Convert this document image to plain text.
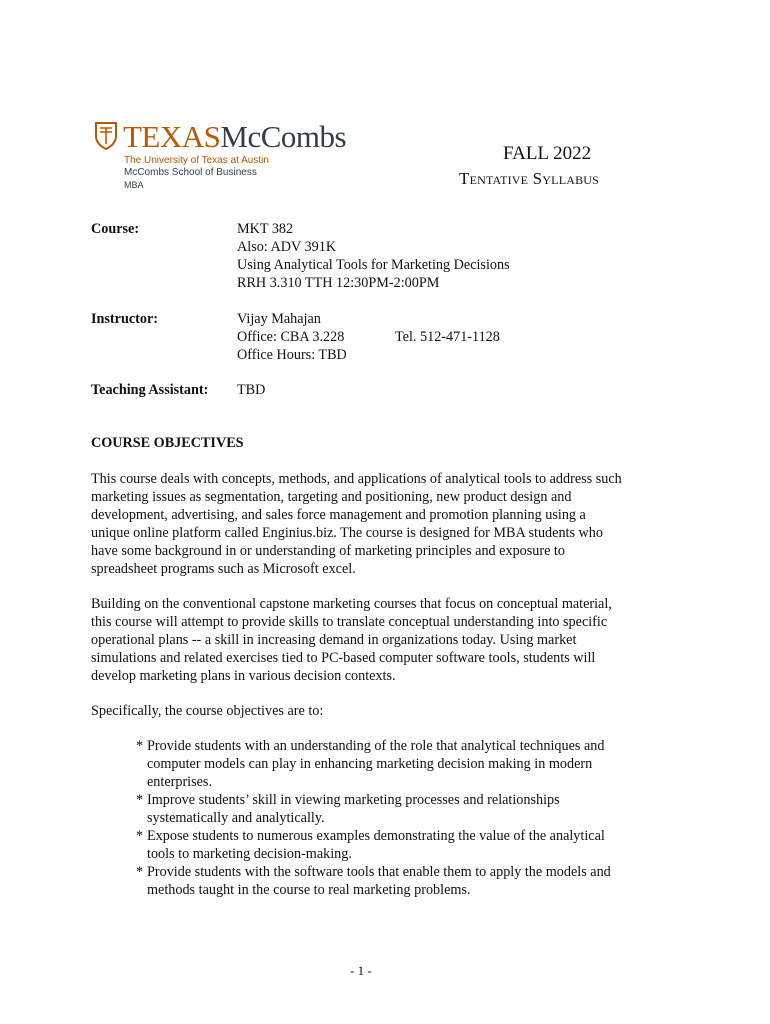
TEXASMcCombs
The University of Texas at Austin
McCombs School of Business
MBA
FALL 2022
Tentative Syllabus
Course:	MKT 382
Also: ADV 391K
Using Analytical Tools for Marketing Decisions
RRH 3.310 TTH 12:30PM-2:00PM
Instructor:	Vijay Mahajan
Office: CBA 3.228	Tel. 512-471-1128
Office Hours: TBD
Teaching Assistant: TBD
COURSE OBJECTIVES
This course deals with concepts, methods, and applications of analytical tools to address such
marketing issues as segmentation, targeting and positioning, new product design and
development, advertising, and sales force management and promotion planning using a
unique online platform called Enginius.biz. The course is designed for MBA students who
have some background in or understanding of marketing principles and exposure to
spreadsheet programs such as Microsoft excel.
Building on the conventional capstone marketing courses that focus on conceptual material,
this course will attempt to provide skills to translate conceptual understanding into specific
operational plans -- a skill in increasing demand in organizations today. Using market
simulations and related exercises tied to PC-based computer software tools, students will
develop marketing plans in various decision contexts.
Specifically, the course objectives are to:
* Provide students with an understanding of the role that analytical techniques and
computer models can play in enhancing marketing decision making in modern
enterprises.
* Improve students’ skill in viewing marketing processes and relationships
systematically and analytically.
* Expose students to numerous examples demonstrating the value of the analytical
tools to marketing decision-making.
* Provide students with the software tools that enable them to apply the models and
methods taught in the course to real marketing problems.
- 1 -
